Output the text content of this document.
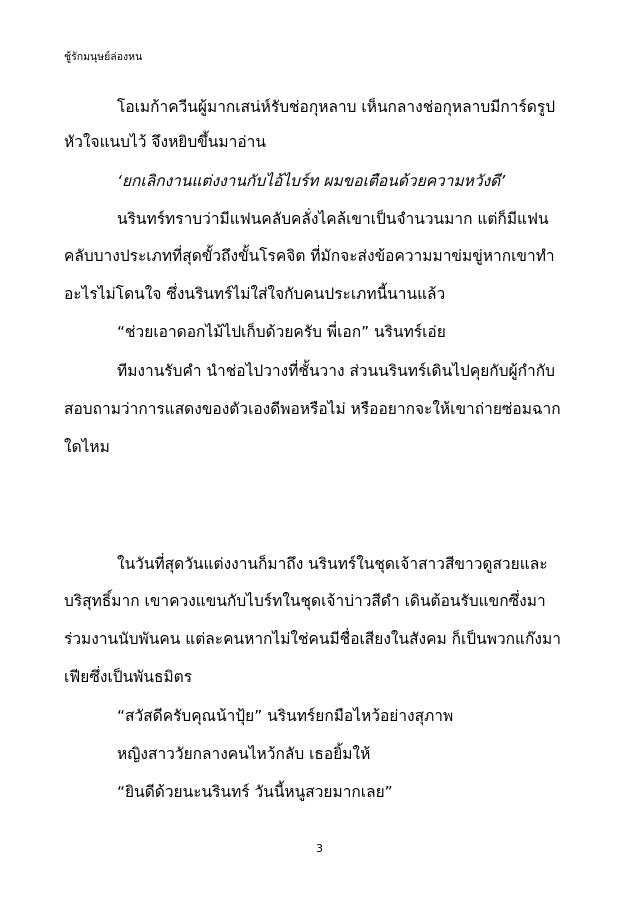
ชู้รักมนุษย์ล่องหน
โอเมก้าควีนผู้มากเสน่ห์รับช่อกุหลาบ เห็นกลางช่อกุหลาบมีการ์ดรูป
หัวใจแนบไว้ จึงหยิบขึ้นมาอ่าน
‘ยกเลิกงานแต่งงานกับไอ้ไบร์ท ผมขอเตือนด้วยความหวังดี’
นรินทร์ทราบว่ามีแฟนคลับคลั่งไคล้เขาเป็นจำนวนมาก แต่ก็มีแฟน
คลับบางประเภทที่สุดขั้วถึงขั้นโรคจิต ที่มักจะส่งข้อความมาข่มขู่หากเขาทำ
อะไรไม่โดนใจ ซึ่งนรินทร์ไม่ใส่ใจกับคนประเภทนี้นานแล้ว
“ช่วยเอาดอกไม้ไปเก็บด้วยครับ พี่เอก” นรินทร์เอ่ย
ทีมงานรับคำ นำช่อไปวางที่ชั้นวาง ส่วนนรินทร์เดินไปคุยกับผู้กำกับ
สอบถามว่าการแสดงของตัวเองดีพอหรือไม่ หรืออยากจะให้เขาถ่ายซ่อมฉาก
ใดไหม
ในวันที่สุดวันแต่งงานก็มาถึง นรินทร์ในชุดเจ้าสาวสีขาวดูสวยและ
บริสุทธิ์มาก เขาควงแขนกับไบร์ทในชุดเจ้าบ่าวสีดำ เดินต้อนรับแขกซึ่งมา
ร่วมงานนับพันคน แต่ละคนหากไม่ใช่คนมีชื่อเสียงในสังคม ก็เป็นพวกแก๊งมา
เฟียซึ่งเป็นพันธมิตร
“สวัสดีครับคุณน้าปุ้ย” นรินทร์ยกมือไหว้อย่างสุภาพ
หญิงสาววัยกลางคนไหว้กลับ เธอยิ้มให้
“ยินดีด้วยนะนรินทร์ วันนี้หนูสวยมากเลย”
3
